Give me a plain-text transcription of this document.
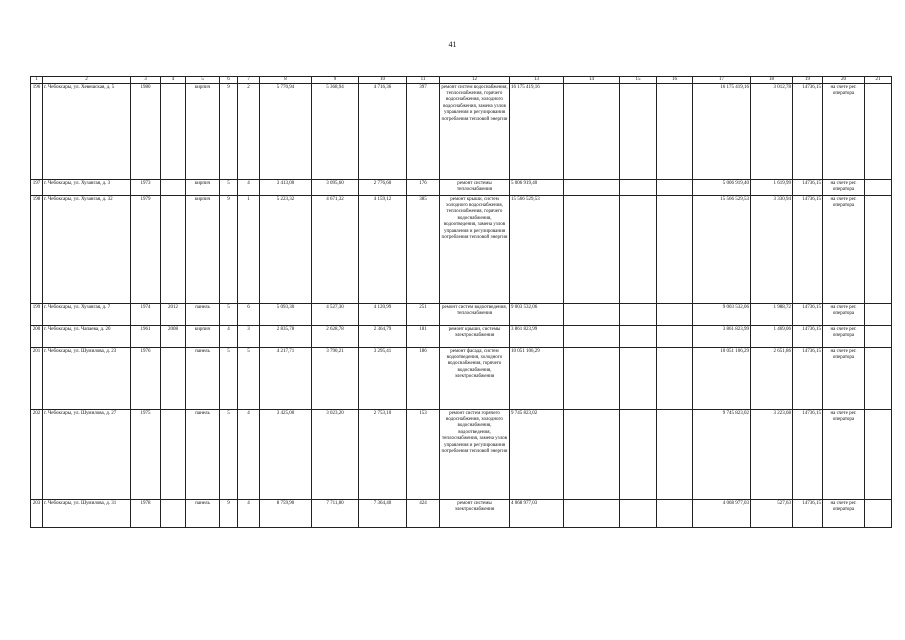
41
1	2	3	4	5	6	7	8	9	10	11	12	13	14	15	16	17	18	19	20	21
196	г. Чебоксары, ул. Хевешская, д. 5	1980		кирпич	9	2	5 770,94	5 368,94	4 716,36	397	ремонт систем водоснабжения, теплоснабжения, горячего водоснабжения, холодного водоснабжения, замена узлов управления и регулирования потребления тепловой энергии	16 175 419,16				16 175 419,16	3 012,78	14736,15	на счете рег. оператора	
197	г. Чебоксары, ул. Хузангая, д. 3	1973		кирпич	5	4	3 413,00	3 095,60	2 776,60	176	ремонт системы теплоснабжения	5 006 919,40				5 006 919,40	1 619,99	14736,15	на счете рег. оператора	
198	г. Чебоксары, ул. Хузангая, д. 32	1979		кирпич	9	1	5 223,32	4 671,32	4 159,12	385	ремонт крыши, систем холодного водоснабжения, теплоснабжения, горячего водоснабжения, водоотведения, замена узлов управления и регулирования потребления тепловой энергии	15 566 529,53				15 566 529,53	3 330,94	14736,15	на счете рег. оператора	
199	г. Чебоксары, ул. Хузангая, д. 7	1974	2012	панель	5	6	5 093,30	4 527,30	4 120,99	251	ремонт систем водоотведения, теплоснабжения	9 003 532,06				9 003 532,06	1 988,72	14736,15	на счете рег. оператора	
200	г. Чебоксары, ул. Чапаева, д. 20	1961	2008	кирпич	4	3	2 835,78	2 628,78	2 364,79	181	ремонт крыши, системы электроснабжения	3 861 823,99				3 861 823,99	1 469,06	14736,15	на счете рег. оператора	
201	г. Чебоксары, ул. Шумилова, д. 23	1976		панель	5	5	4 217,71	3 790,21	3 295,41	186	ремонт фасада, систем водоотведения, холодного водоснабжения, горячего водоснабжения, электроснабжения	10 051 106,29				10 051 106,29	2 651,86	14736,15	на счете рег. оператора	
202	г. Чебоксары, ул. Шумилова, д. 27	1975		панель	5	4	3 425,00	3 023,20	2 753,10	153	ремонт систем горячего водоснабжения, холодного водоснабжения, водоотведения, теплоснабжения, замена узлов управления и регулирования потребления тепловой энергии	9 745 823,02				9 745 823,02	3 223,68	14736,15	на счете рег. оператора	
203	г. Чебоксары, ул. Шумилова, д. 31	1978		панель	9	4	8 759,90	7 711,80	7 364,40	424	ремонт системы электроснабжения	4 068 977,03				4 068 977,03	527,63	14736,15	на счете рег. оператора	
